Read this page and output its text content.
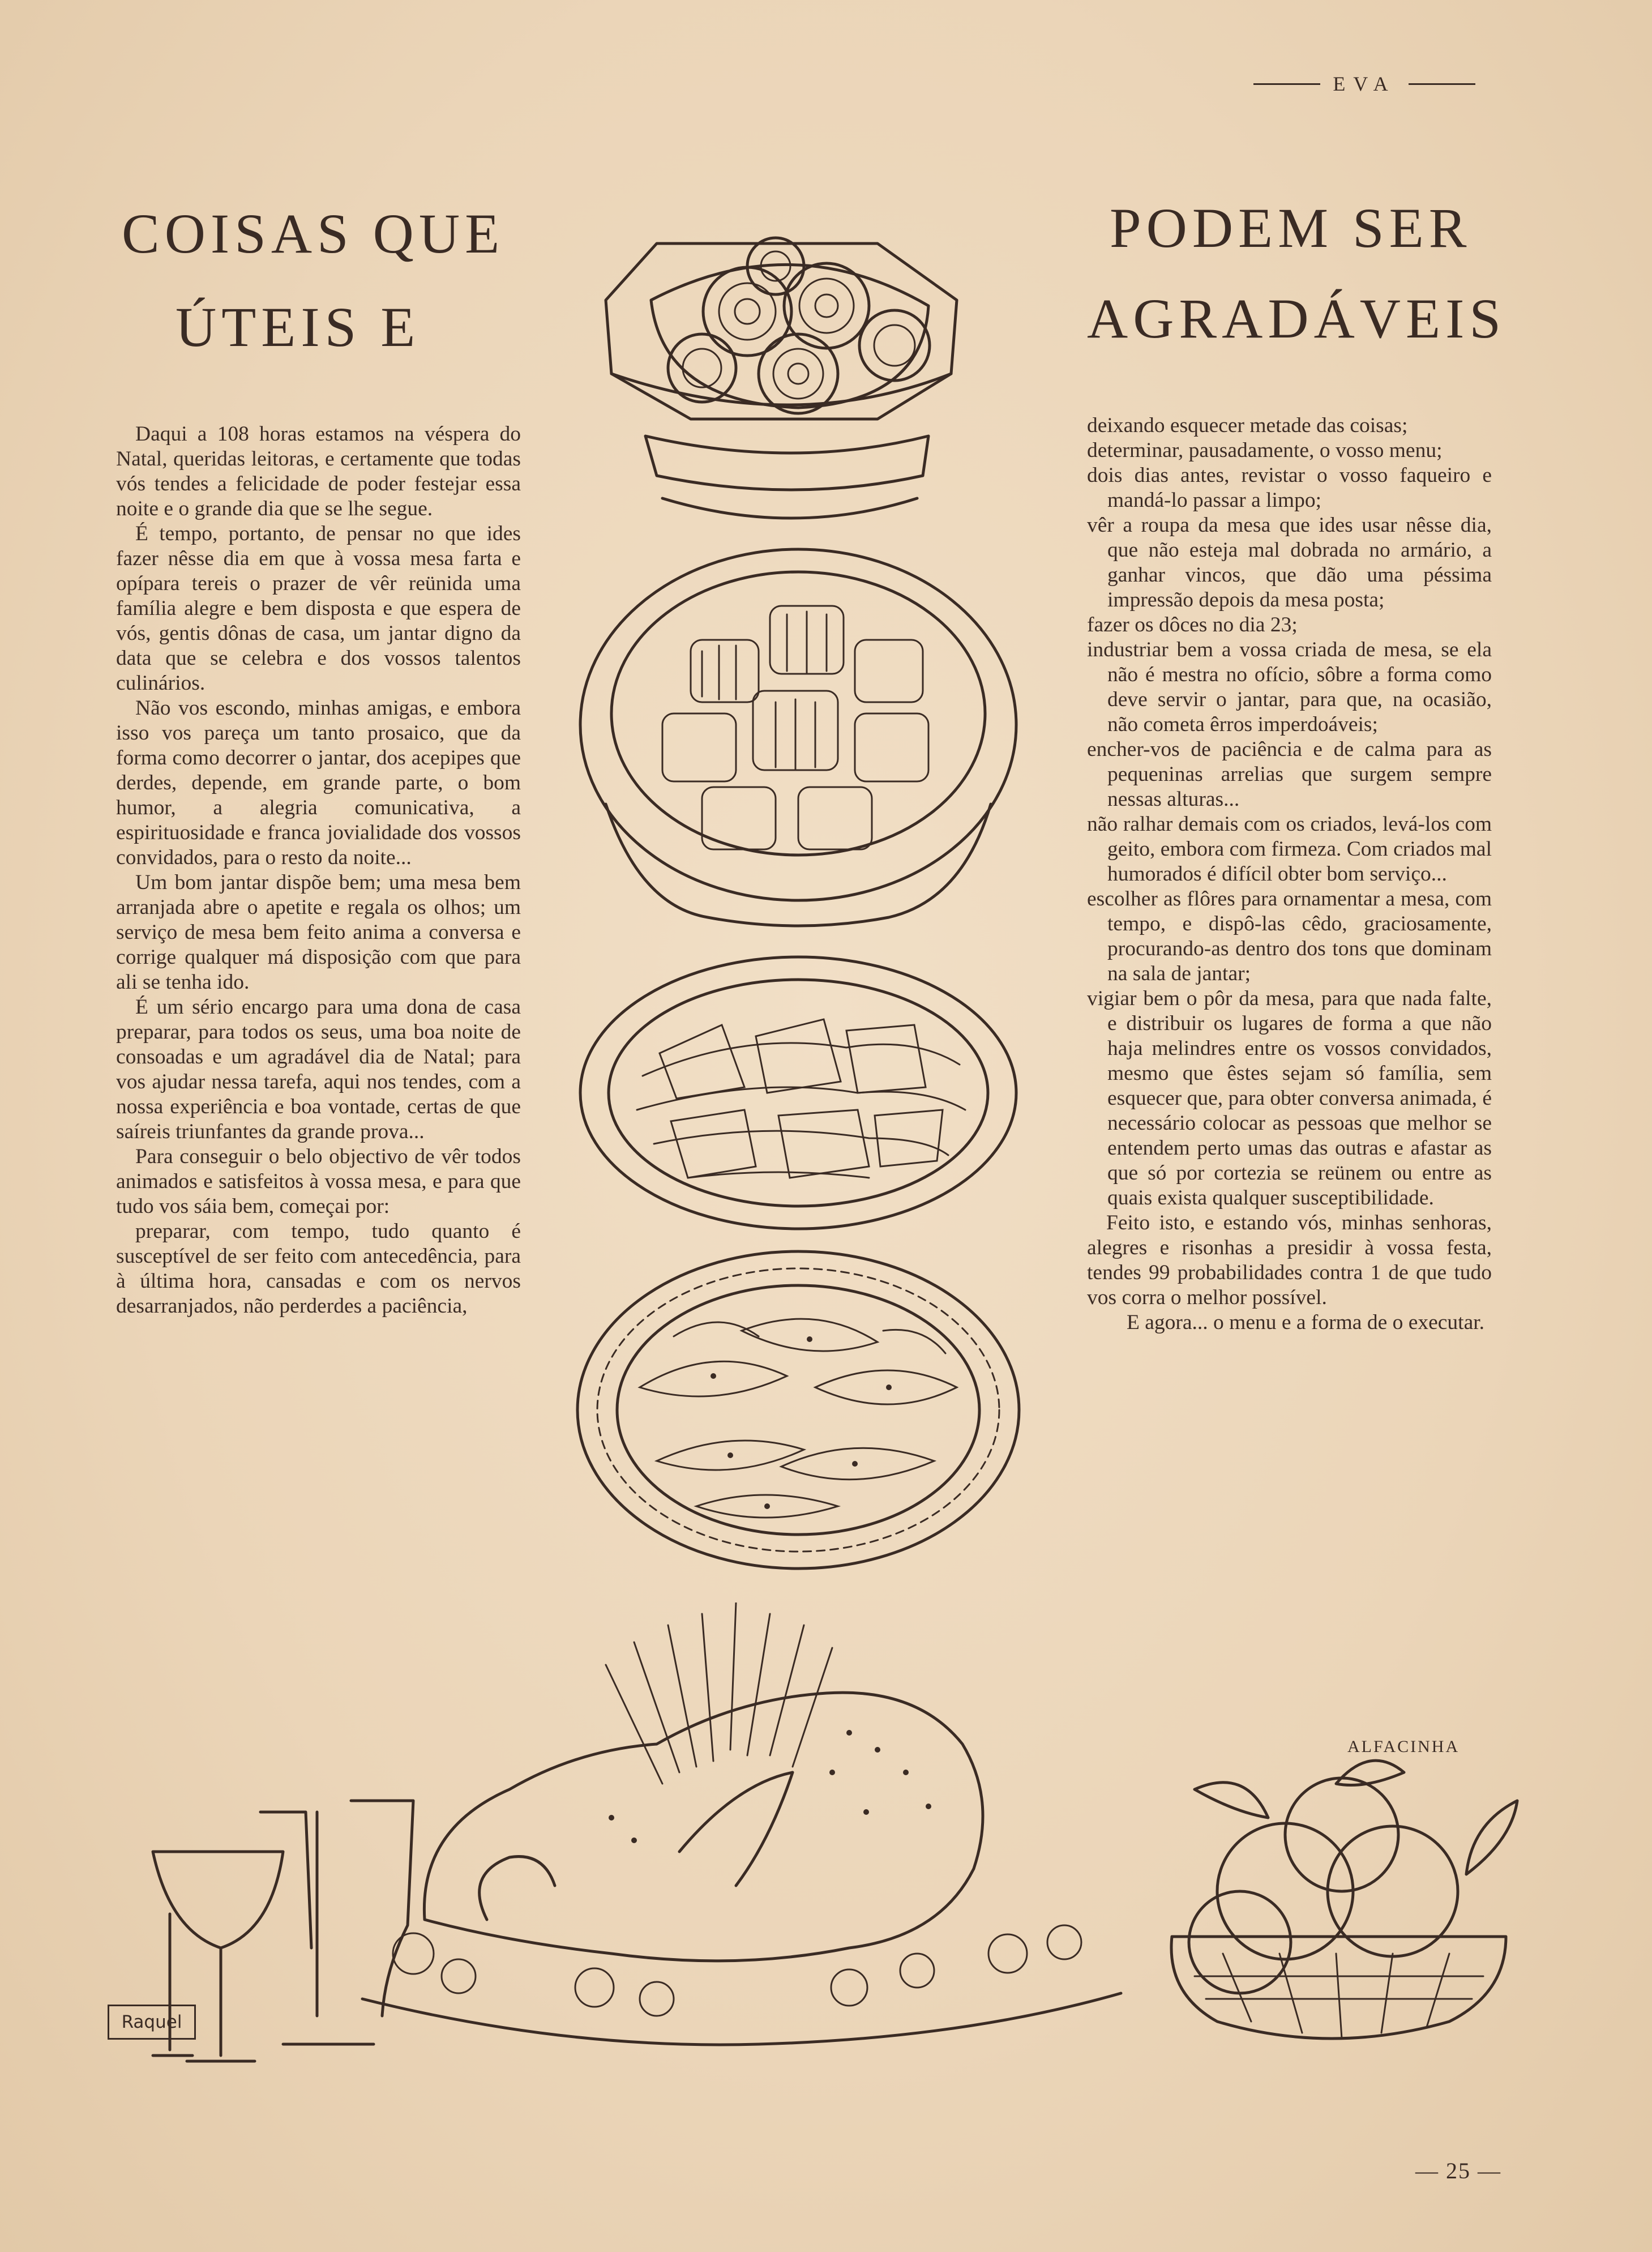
EVA
COISAS QUE
ÚTEIS E
PODEM SER
AGRADÁVEIS

Daqui a 108 horas estamos na véspera do Natal, queridas leitoras, e certamente que todas vós tendes a felicidade de poder festejar essa noite e o grande dia que se lhe segue.

É tempo, portanto, de pensar no que ides fazer nêsse dia em que à vossa mesa farta e opípara tereis o prazer de vêr reünida uma família alegre e bem disposta e que espera de vós, gentis dônas de casa, um jantar digno da data que se celebra e dos vossos talentos culinários.

Não vos escondo, minhas amigas, e embora isso vos pareça um tanto prosaico, que da forma como decorrer o jantar, dos acepipes que derdes, depende, em grande parte, o bom humor, a alegria comunicativa, a espirituosidade e franca jovialidade dos vossos convidados, para o resto da noite...

Um bom jantar dispõe bem; uma mesa bem arranjada abre o apetite e regala os olhos; um serviço de mesa bem feito anima a conversa e corrige qualquer má disposição com que para ali se tenha ido.

É um sério encargo para uma dona de casa preparar, para todos os seus, uma boa noite de consoadas e um agradável dia de Natal; para vos ajudar nessa tarefa, aqui nos tendes, com a nossa experiência e boa vontade, certas de que saíreis triunfantes da grande prova...

Para conseguir o belo objectivo de vêr todos animados e satisfeitos à vossa mesa, e para que tudo vos sáia bem, começai por:

preparar, com tempo, tudo quanto é susceptível de ser feito com antecedência, para à última hora, cansadas e com os nervos desarranjados, não perderdes a paciência,

deixando esquecer metade das coisas;

determinar, pausadamente, o vosso menu;

dois dias antes, revistar o vosso faqueiro e mandá-lo passar a limpo;

vêr a roupa da mesa que ides usar nêsse dia, que não esteja mal dobrada no armário, a ganhar vincos, que dão uma péssima impressão depois da mesa posta;

fazer os dôces no dia 23;

industriar bem a vossa criada de mesa, se ela não é mestra no ofício, sôbre a forma como deve servir o jantar, para que, na ocasião, não cometa êrros imperdoáveis;

encher-vos de paciência e de calma para as pequeninas arrelias que surgem sempre nessas alturas...

não ralhar demais com os criados, levá-los com geito, embora com firmeza. Com criados mal humorados é difícil obter bom serviço...

escolher as flôres para ornamentar a mesa, com tempo, e dispô-las cêdo, graciosamente, procurando-as dentro dos tons que dominam na sala de jantar;

vigiar bem o pôr da mesa, para que nada falte, e distribuir os lugares de forma a que não haja melindres entre os vossos convidados, mesmo que êstes sejam só família, sem esquecer que, para obter conversa animada, é necessário colocar as pessoas que melhor se entendem perto umas das outras e afastar as que só por cortezia se reünem ou entre as quais exista qualquer susceptibilidade.

Feito isto, e estando vós, minhas senhoras, alegres e risonhas a presidir à vossa festa, tendes 99 probabilidades contra 1 de que tudo vos corra o melhor possível.

E agora... o menu e a forma de o executar.

ALFACINHA
Raquel
— 25 —
